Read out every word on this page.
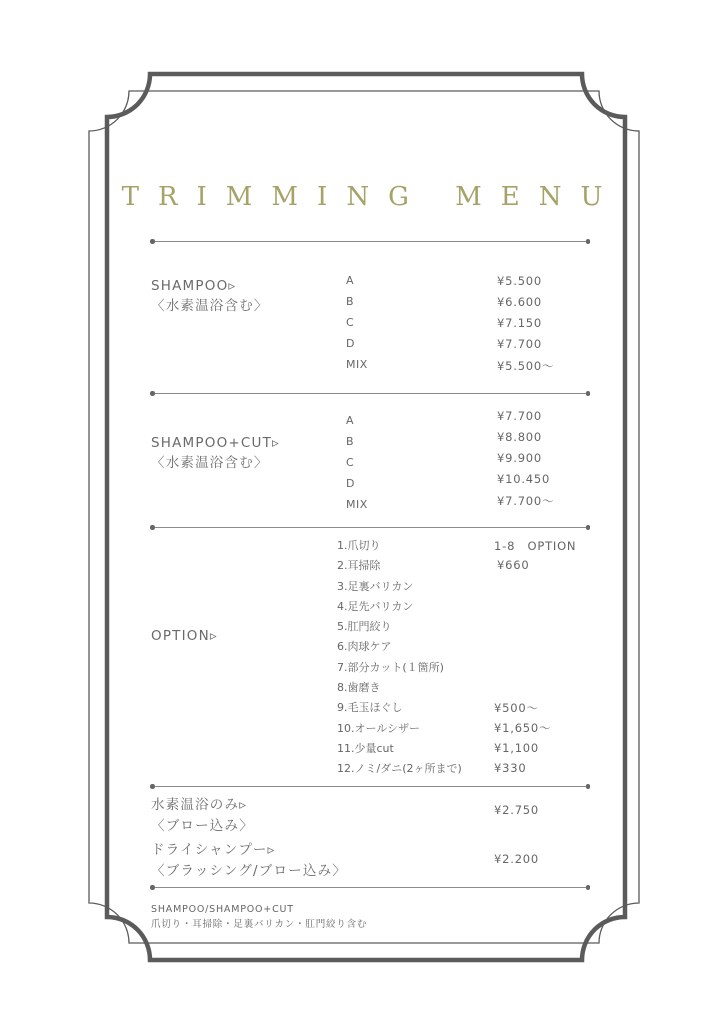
TRIMMING MENU
SHAMPOO▹
〈水素温浴含む〉
A
B
C
D
MIX
¥5.500
¥6.600
¥7.150
¥7.700
¥5.500〜
SHAMPOO+CUT▹
〈水素温浴含む〉
A
B
C
D
MIX
¥7.700
¥8.800
¥9.900
¥10.450
¥7.700〜
OPTION▹
1.爪切り
2.耳掃除
3.足裏バリカン
4.足先バリカン
5.肛門絞り
6.肉球ケア
7.部分カット(１箇所)
8.歯磨き
9.毛玉ほぐし
10.オールシザー
11.少量cut
12.ノミ/ダニ(2ヶ所まで)
1-8　OPTION
¥660
¥500〜
¥1,650〜
¥1,100
¥330
水素温浴のみ▹
〈ブロー込み〉
¥2.750
ドライシャンプー▹
〈ブラッシング/ブロー込み〉
¥2.200
SHAMPOO/SHAMPOO+CUT
爪切り・耳掃除・足裏バリカン・肛門絞り含む
